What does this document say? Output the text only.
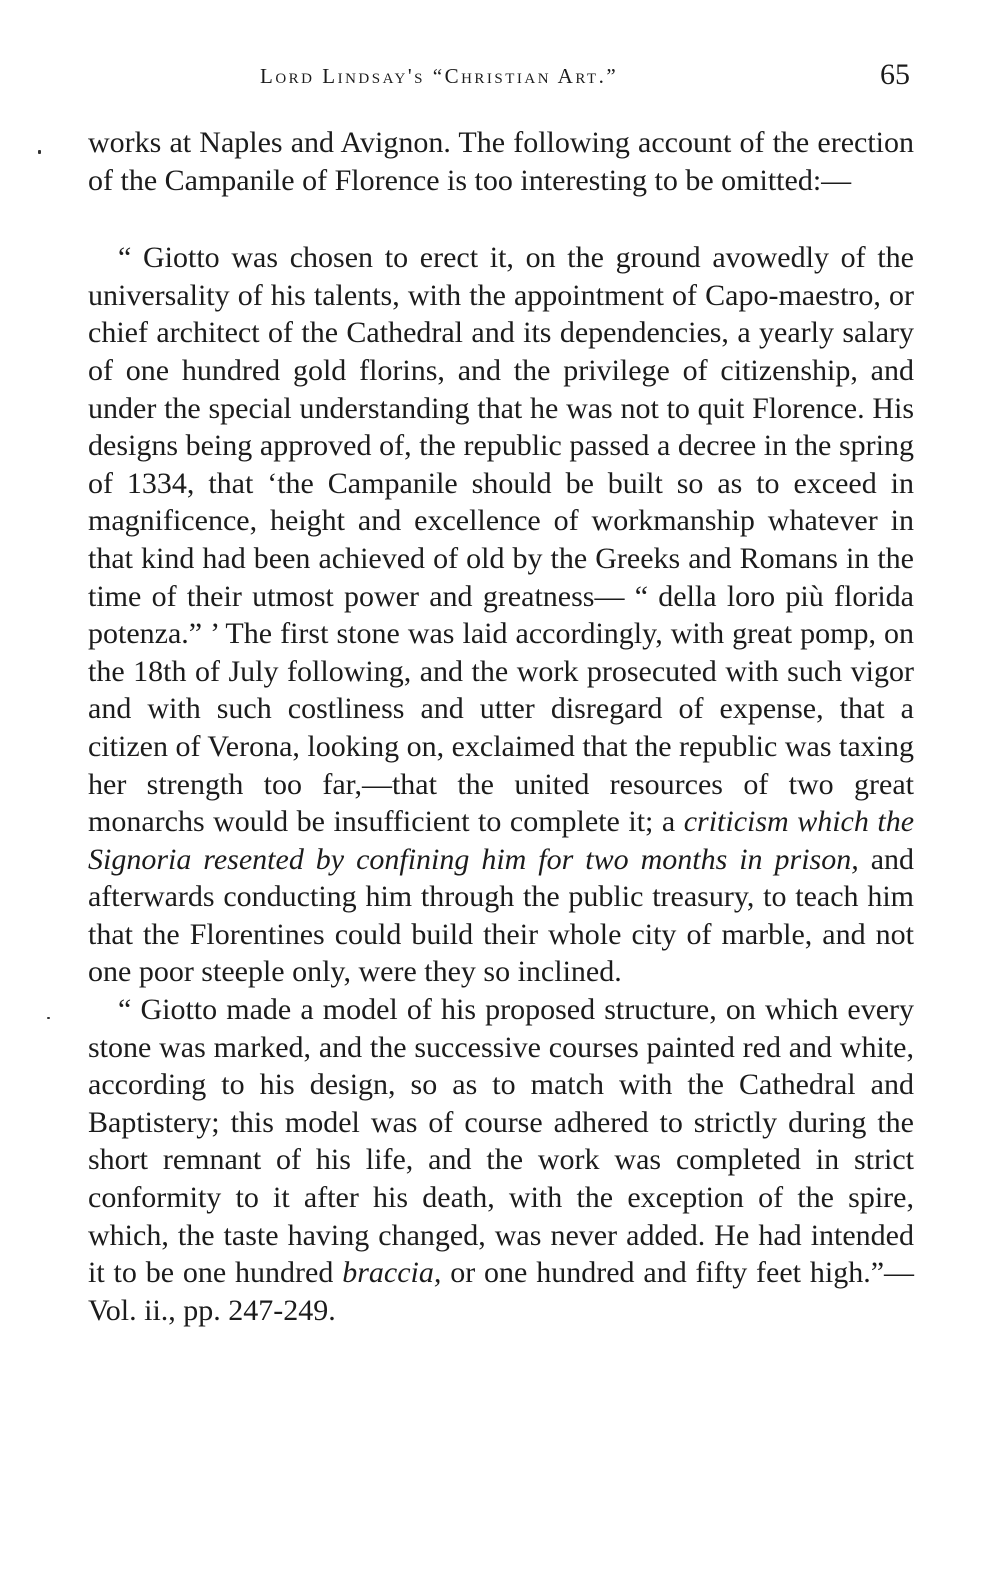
Lord Lindsay's “Christian Art.”	65

works at Naples and Avignon. The following account of the erection of the Campanile of Florence is too interesting to be omitted:—

“ Giotto was chosen to erect it, on the ground avowedly of the universality of his talents, with the appointment of Capo-maestro, or chief architect of the Cathedral and its dependencies, a yearly salary of one hundred gold florins, and the privilege of citizenship, and under the special understanding that he was not to quit Florence. His designs being approved of, the republic passed a decree in the spring of 1334, that ‘the Campanile should be built so as to exceed in magnificence, height and excellence of workmanship whatever in that kind had been achieved of old by the Greeks and Romans in the time of their utmost power and greatness— “ della loro più florida potenza.” ’ The first stone was laid accordingly, with great pomp, on the 18th of July following, and the work prosecuted with such vigor and with such costliness and utter disregard of expense, that a citizen of Verona, looking on, exclaimed that the republic was taxing her strength too far,—that the united resources of two great monarchs would be insufficient to complete it; a criticism which the Signoria resented by confining him for two months in prison, and afterwards conducting him through the public treasury, to teach him that the Florentines could build their whole city of marble, and not one poor steeple only, were they so inclined.

“ Giotto made a model of his proposed structure, on which every stone was marked, and the successive courses painted red and white, according to his design, so as to match with the Cathedral and Baptistery; this model was of course adhered to strictly during the short remnant of his life, and the work was completed in strict conformity to it after his death, with the exception of the spire, which, the taste having changed, was never added. He had intended it to be one hundred braccia, or one hundred and fifty feet high.”—Vol. ii., pp. 247-249.
